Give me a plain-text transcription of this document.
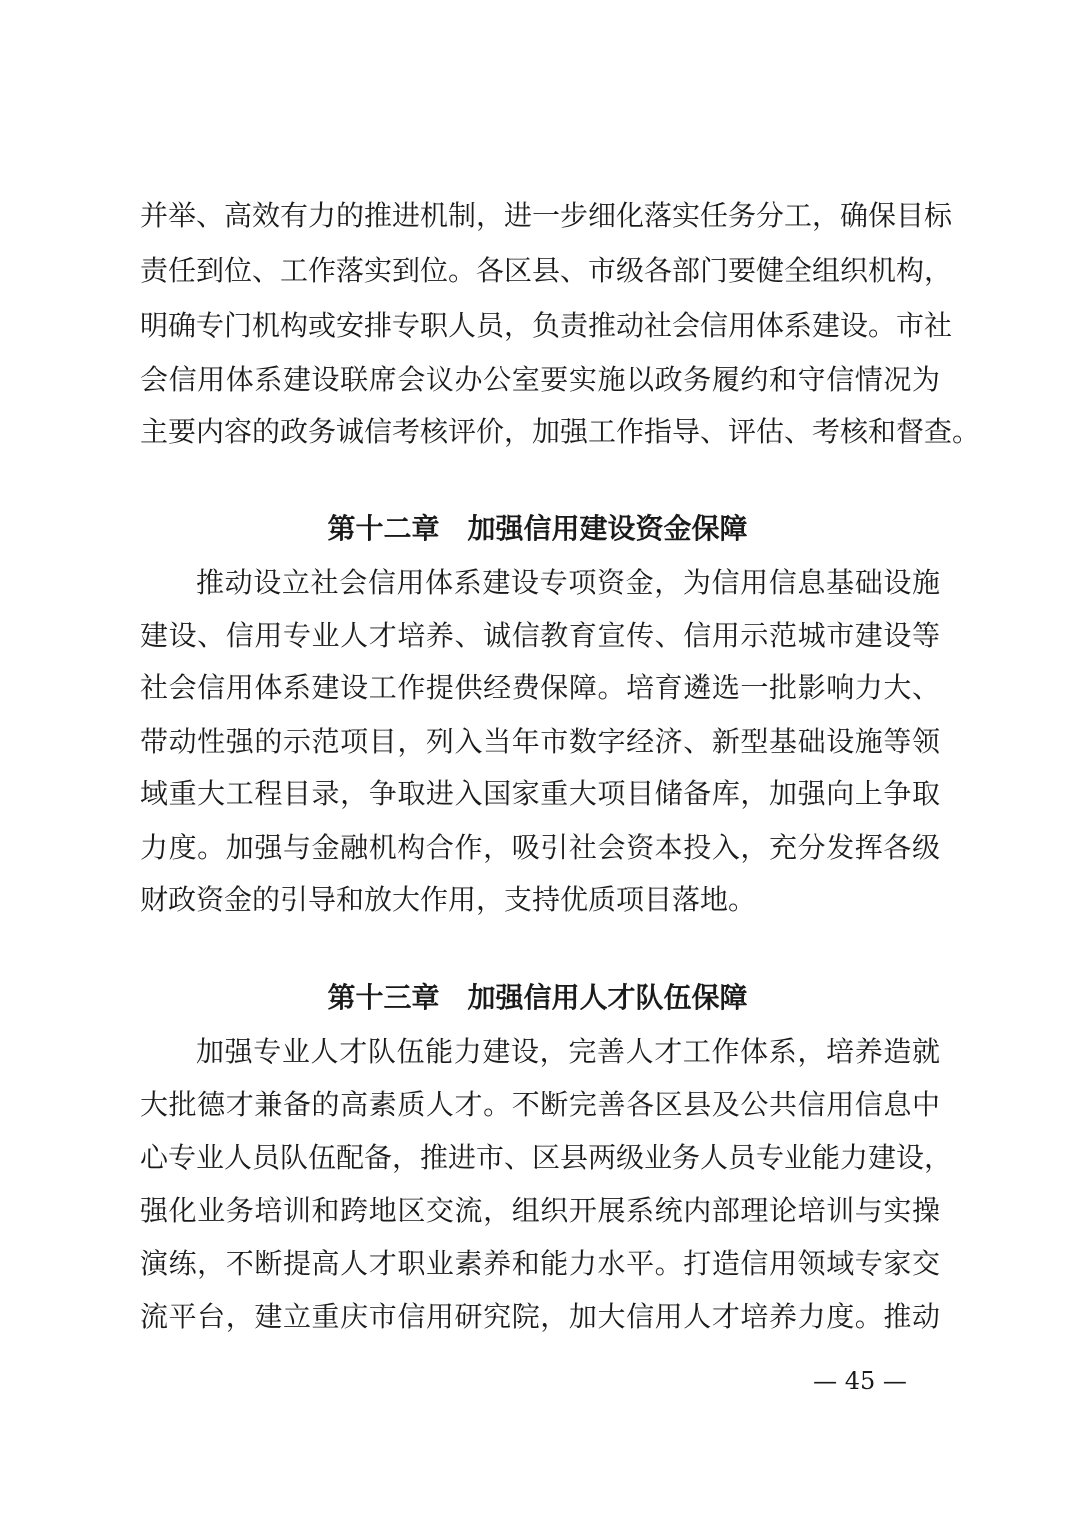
并举、高效有力的推进机制，进一步细化落实任务分工，确保目标
责任到位、工作落实到位。各区县、市级各部门要健全组织机构，
明确专门机构或安排专职人员，负责推动社会信用体系建设。市社
会信用体系建设联席会议办公室要实施以政务履约和守信情况为
主要内容的政务诚信考核评价，加强工作指导、评估、考核和督查。
第十二章　加强信用建设资金保障
推动设立社会信用体系建设专项资金，为信用信息基础设施
建设、信用专业人才培养、诚信教育宣传、信用示范城市建设等
社会信用体系建设工作提供经费保障。培育遴选一批影响力大、
带动性强的示范项目，列入当年市数字经济、新型基础设施等领
域重大工程目录，争取进入国家重大项目储备库，加强向上争取
力度。加强与金融机构合作，吸引社会资本投入，充分发挥各级
财政资金的引导和放大作用，支持优质项目落地。
第十三章　加强信用人才队伍保障
加强专业人才队伍能力建设，完善人才工作体系，培养造就
大批德才兼备的高素质人才。不断完善各区县及公共信用信息中
心专业人员队伍配备，推进市、区县两级业务人员专业能力建设，
强化业务培训和跨地区交流，组织开展系统内部理论培训与实操
演练，不断提高人才职业素养和能力水平。打造信用领域专家交
流平台，建立重庆市信用研究院，加大信用人才培养力度。推动
— 45 —
